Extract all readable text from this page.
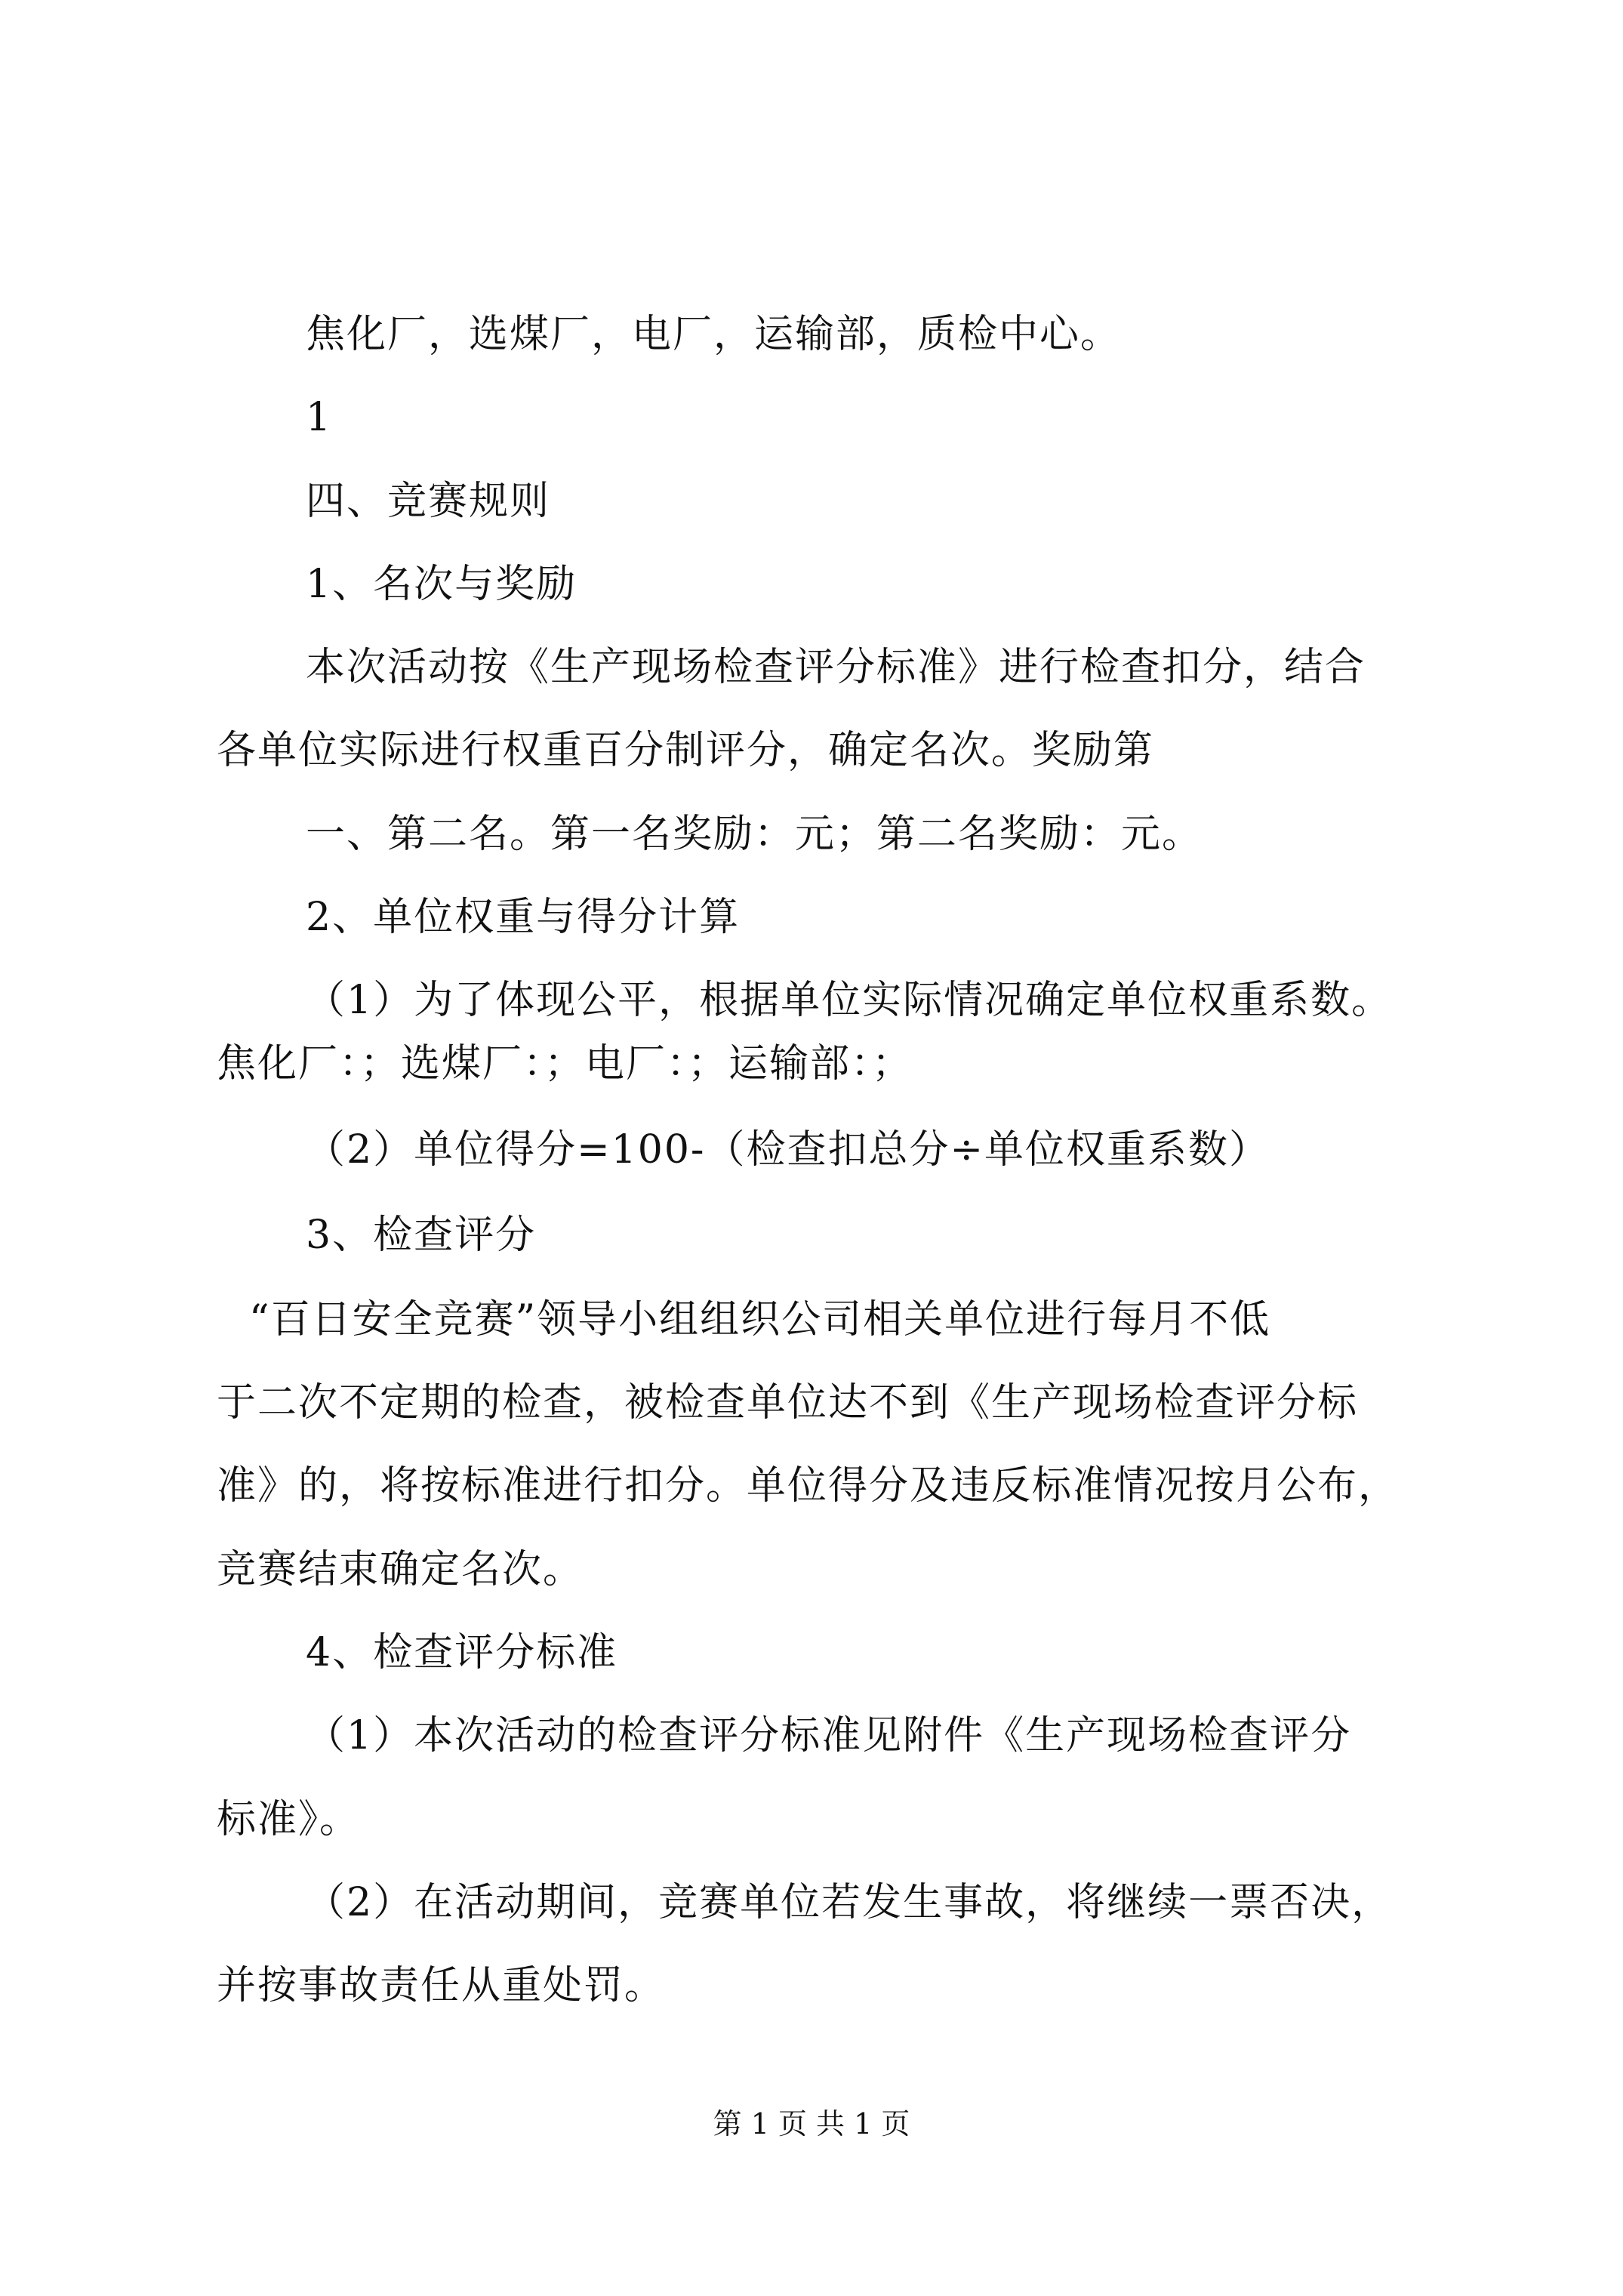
焦化厂，选煤厂，电厂，运输部，质检中心。
1
四、竞赛规则
1、名次与奖励
本次活动按《生产现场检查评分标准》进行检查扣分，结合
各单位实际进行权重百分制评分，确定名次。奖励第
一、第二名。第一名奖励：元；第二名奖励：元。
2、单位权重与得分计算
（1）为了体现公平，根据单位实际情况确定单位权重系数。
焦化厂：；选煤厂：；电厂：；运输部：；
（2）单位得分=100-（检查扣总分÷单位权重系数）
3、检查评分
“百日安全竞赛”领导小组组织公司相关单位进行每月不低
于二次不定期的检查，被检查单位达不到《生产现场检查评分标
准》的，将按标准进行扣分。单位得分及违反标准情况按月公布，
竞赛结束确定名次。
4、检查评分标准
（1）本次活动的检查评分标准见附件《生产现场检查评分
标准》。
（2）在活动期间，竞赛单位若发生事故，将继续一票否决，
并按事故责任从重处罚。
第 1 页 共 1 页
